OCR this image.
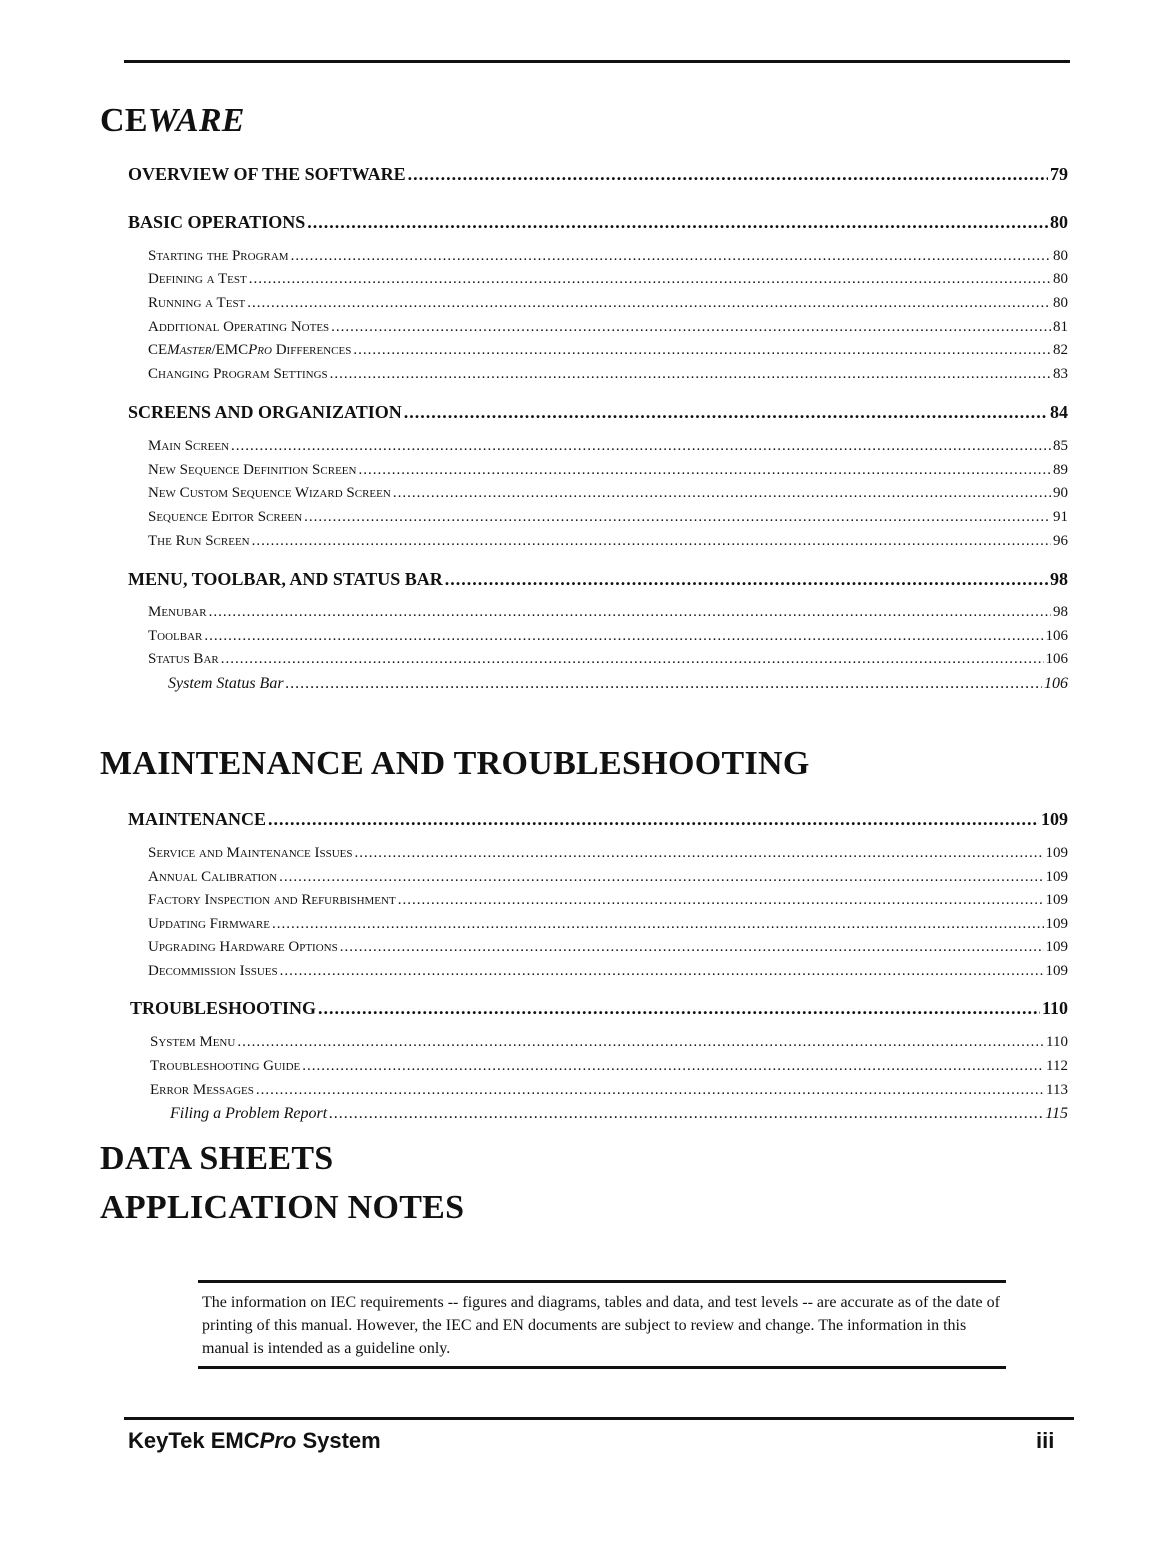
CEWARE
OVERVIEW OF THE SOFTWARE .....	79
BASIC OPERATIONS .....	80
Starting the Program .....	80
Defining a Test .....	80
Running a Test .....	80
Additional Operating Notes .....	81
CEMaster/EMCPro Differences .....	82
Changing Program Settings .....	83
SCREENS AND ORGANIZATION .....	84
Main Screen .....	85
New Sequence Definition Screen .....	89
New Custom Sequence Wizard Screen .....	90
Sequence Editor Screen .....	91
The Run Screen .....	96
MENU, TOOLBAR, AND STATUS BAR .....	98
Menubar .....	98
Toolbar .....	106
Status Bar .....	106
System Status Bar .....	106
MAINTENANCE AND TROUBLESHOOTING
MAINTENANCE .....	109
Service and Maintenance Issues .....	109
Annual Calibration .....	109
Factory Inspection and Refurbishment .....	109
Updating Firmware .....	109
Upgrading Hardware Options .....	109
Decommission Issues .....	109
TROUBLESHOOTING .....	110
System Menu .....	110
Troubleshooting Guide .....	112
Error Messages .....	113
Filing a Problem Report .....	115
DATA SHEETS
APPLICATION NOTES
The information on IEC requirements -- figures and diagrams, tables and data, and test levels -- are accurate as of the date of printing of this manual. However, the IEC and EN documents are subject to review and change. The information in this manual is intended as a guideline only.
KeyTek EMCPro System	iii
